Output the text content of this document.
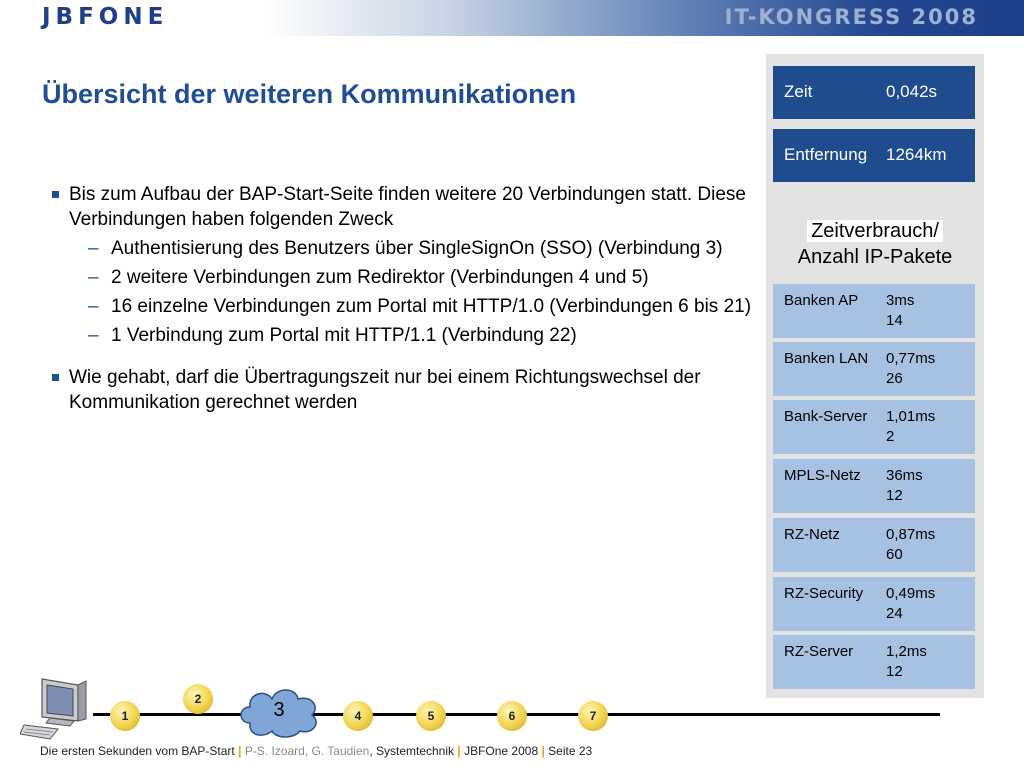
JBFONE	IT-KONGRESS 2008
Übersicht der weiteren Kommunikationen
Bis zum Aufbau der BAP-Start-Seite finden weitere 20 Verbindungen statt. Diese Verbindungen haben folgenden Zweck
– Authentisierung des Benutzers über SingleSignOn (SSO) (Verbindung 3)
– 2 weitere Verbindungen zum Redirektor (Verbindungen 4 und 5)
– 16 einzelne Verbindungen zum Portal mit HTTP/1.0 (Verbindungen 6 bis 21)
– 1 Verbindung zum Portal mit HTTP/1.1 (Verbindung 22)
Wie gehabt, darf die Übertragungszeit nur bei einem Richtungswechsel der Kommunikation gerechnet werden
Zeit	0,042s
Entfernung 1264km
Zeitverbrauch/
Anzahl IP-Pakete
Banken AP 3ms
14
Banken LAN 0,77ms
26
Bank-Server 1,01ms
2
MPLS-Netz 36ms
12
RZ-Netz	0,87ms
60
RZ-Security 0,49ms
24
RZ-Server 1,2ms
12
1
2	3	4	5	6	7
Die ersten Sekunden vom BAP-Start | P-S. Izoard, G. Taudien, Systemtechnik | JBFOne 2008 | Seite 23
